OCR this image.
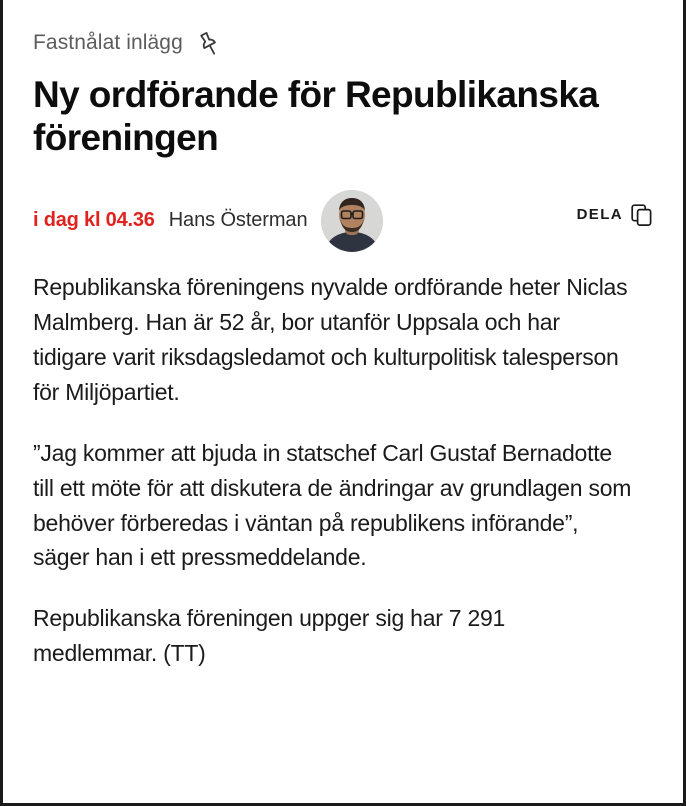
Fastnålat inlägg
Ny ordförande för Republikanska föreningen
i dag kl 04.36 Hans Österman	DELA

Republikanska föreningens nyvalde ordförande heter Niclas Malmberg. Han är 52 år, bor utanför Uppsala och har tidigare varit riksdagsledamot och kulturpolitisk talesperson för Miljöpartiet.

”Jag kommer att bjuda in statschef Carl Gustaf Bernadotte till ett möte för att diskutera de ändringar av grundlagen som behöver förberedas i väntan på republikens införande”, säger han i ett pressmeddelande.

Republikanska föreningen uppger sig har 7 291 medlemmar. (TT)
